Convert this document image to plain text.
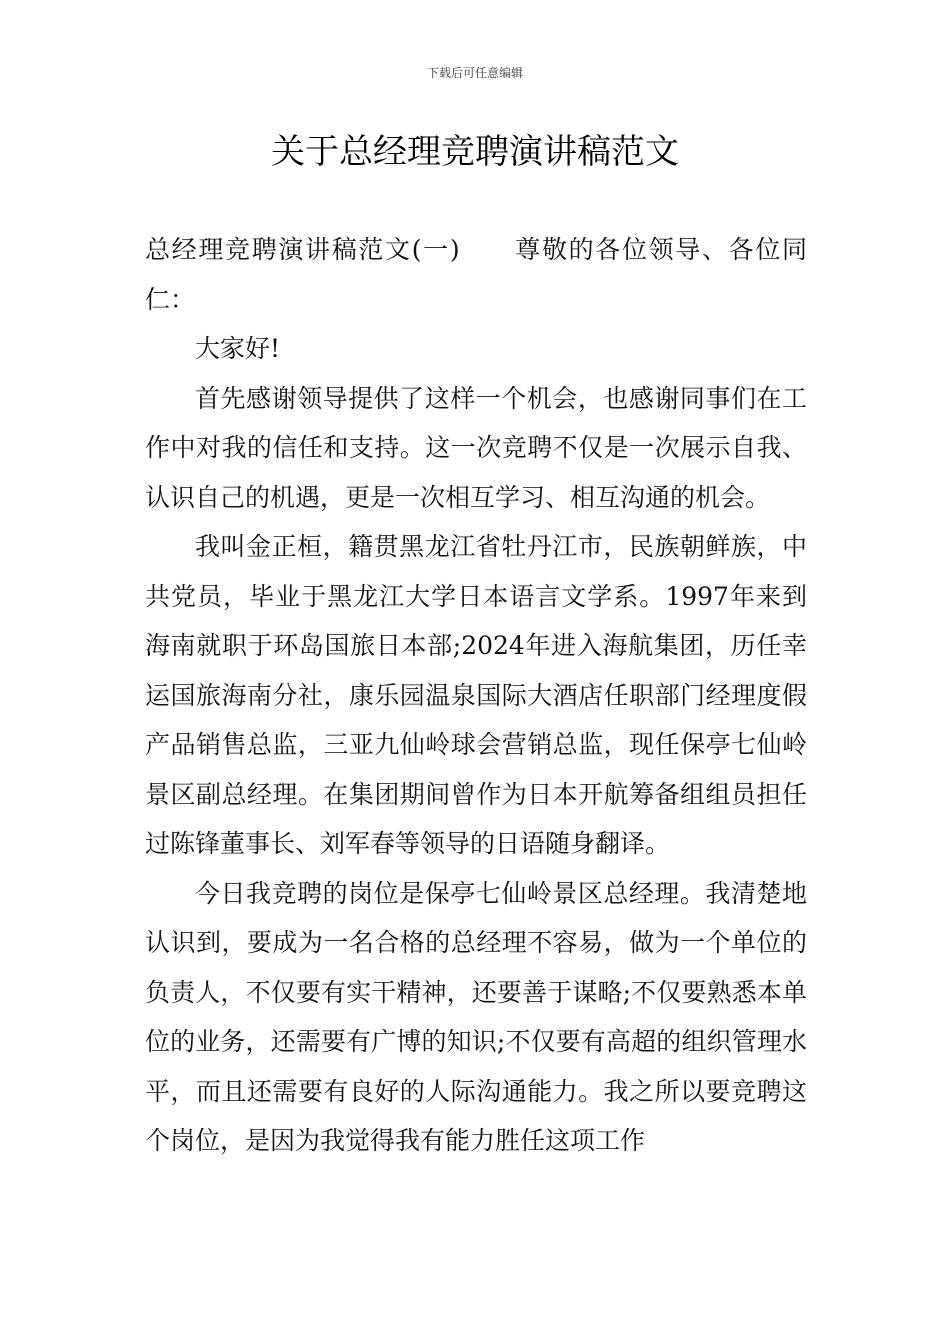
下载后可任意编辑
关于总经理竞聘演讲稿范文

总经理竞聘演讲稿范文(一) 尊敬的各位领导、各位同仁：

大家好!

首先感谢领导提供了这样一个机会，也感谢同事们在工作中对我的信任和支持。这一次竞聘不仅是一次展示自我、认识自己的机遇，更是一次相互学习、相互沟通的机会。

我叫金正桓，籍贯黑龙江省牡丹江市，民族朝鲜族，中共党员，毕业于黑龙江大学日本语言文学系。1997年来到海南就职于环岛国旅日本部;2024年进入海航集团，历任幸运国旅海南分社，康乐园温泉国际大酒店任职部门经理度假产品销售总监，三亚九仙岭球会营销总监，现任保亭七仙岭景区副总经理。在集团期间曾作为日本开航筹备组组员担任过陈锋董事长、刘军春等领导的日语随身翻译。

今日我竞聘的岗位是保亭七仙岭景区总经理。我清楚地认识到，要成为一名合格的总经理不容易，做为一个单位的负责人，不仅要有实干精神，还要善于谋略;不仅要熟悉本单位的业务，还需要有广博的知识;不仅要有高超的组织管理水平，而且还需要有良好的人际沟通能力。我之所以要竞聘这个岗位，是因为我觉得我有能力胜任这项工作
